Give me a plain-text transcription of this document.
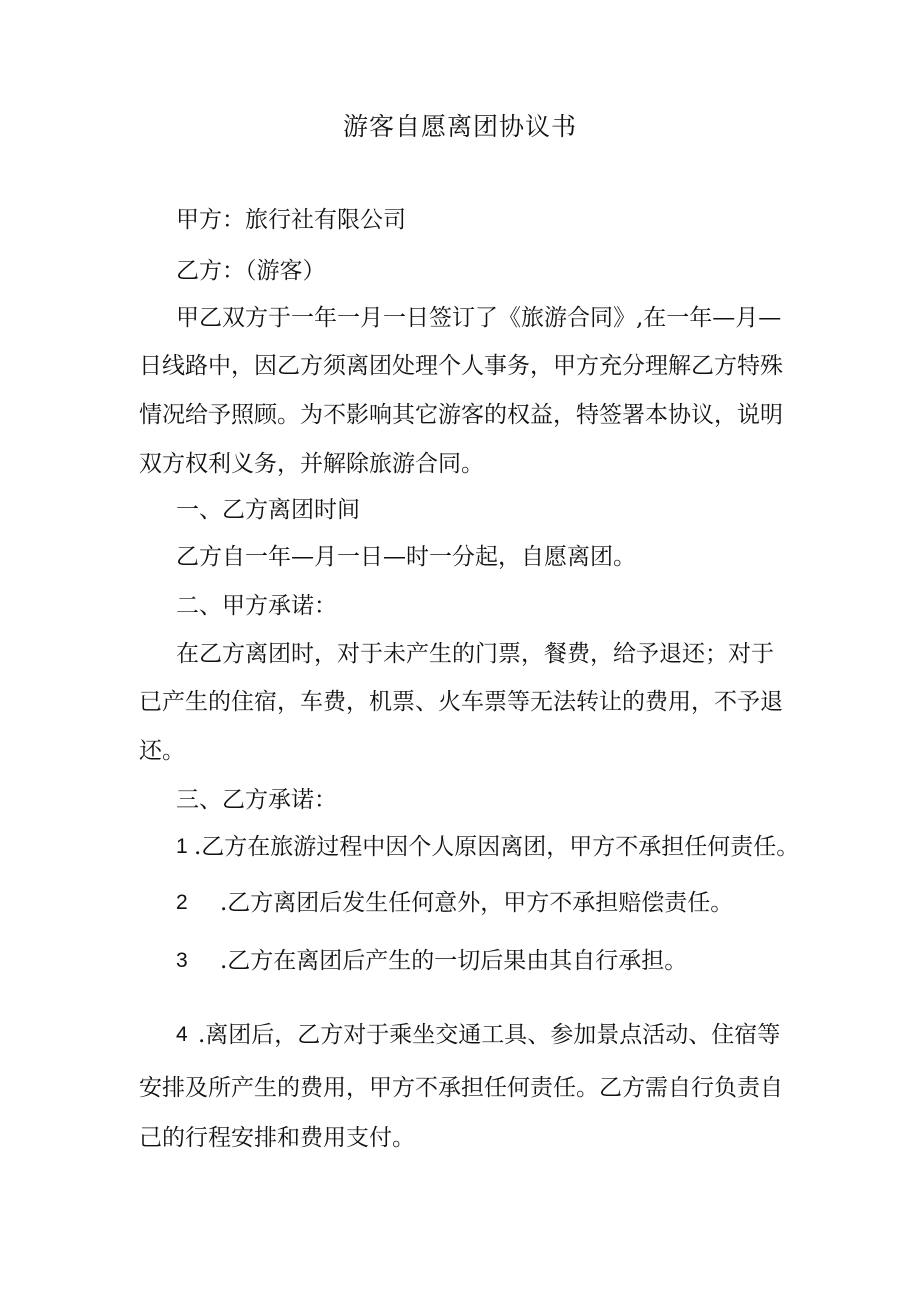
游客自愿离团协议书
甲方：旅行社有限公司
乙方：（游客）
甲乙双方于一年一月一日签订了《旅游合同》,在一年—月—
日线路中，因乙方须离团处理个人事务，甲方充分理解乙方特殊
情况给予照顾。为不影响其它游客的权益，特签署本协议，说明
双方权利义务，并解除旅游合同。
一、乙方离团时间
乙方自一年—月一日—时一分起，自愿离团。
二、甲方承诺：
在乙方离团时，对于未产生的门票，餐费，给予退还；对于
已产生的住宿，车费，机票、火车票等无法转让的费用，不予退
还。
三、乙方承诺：
1 .乙方在旅游过程中因个人原因离团，甲方不承担任何责任。
2 .乙方离团后发生任何意外，甲方不承担赔偿责任。
3 .乙方在离团后产生的一切后果由其自行承担。
4 .离团后，乙方对于乘坐交通工具、参加景点活动、住宿等
安排及所产生的费用，甲方不承担任何责任。乙方需自行负责自
己的行程安排和费用支付。
